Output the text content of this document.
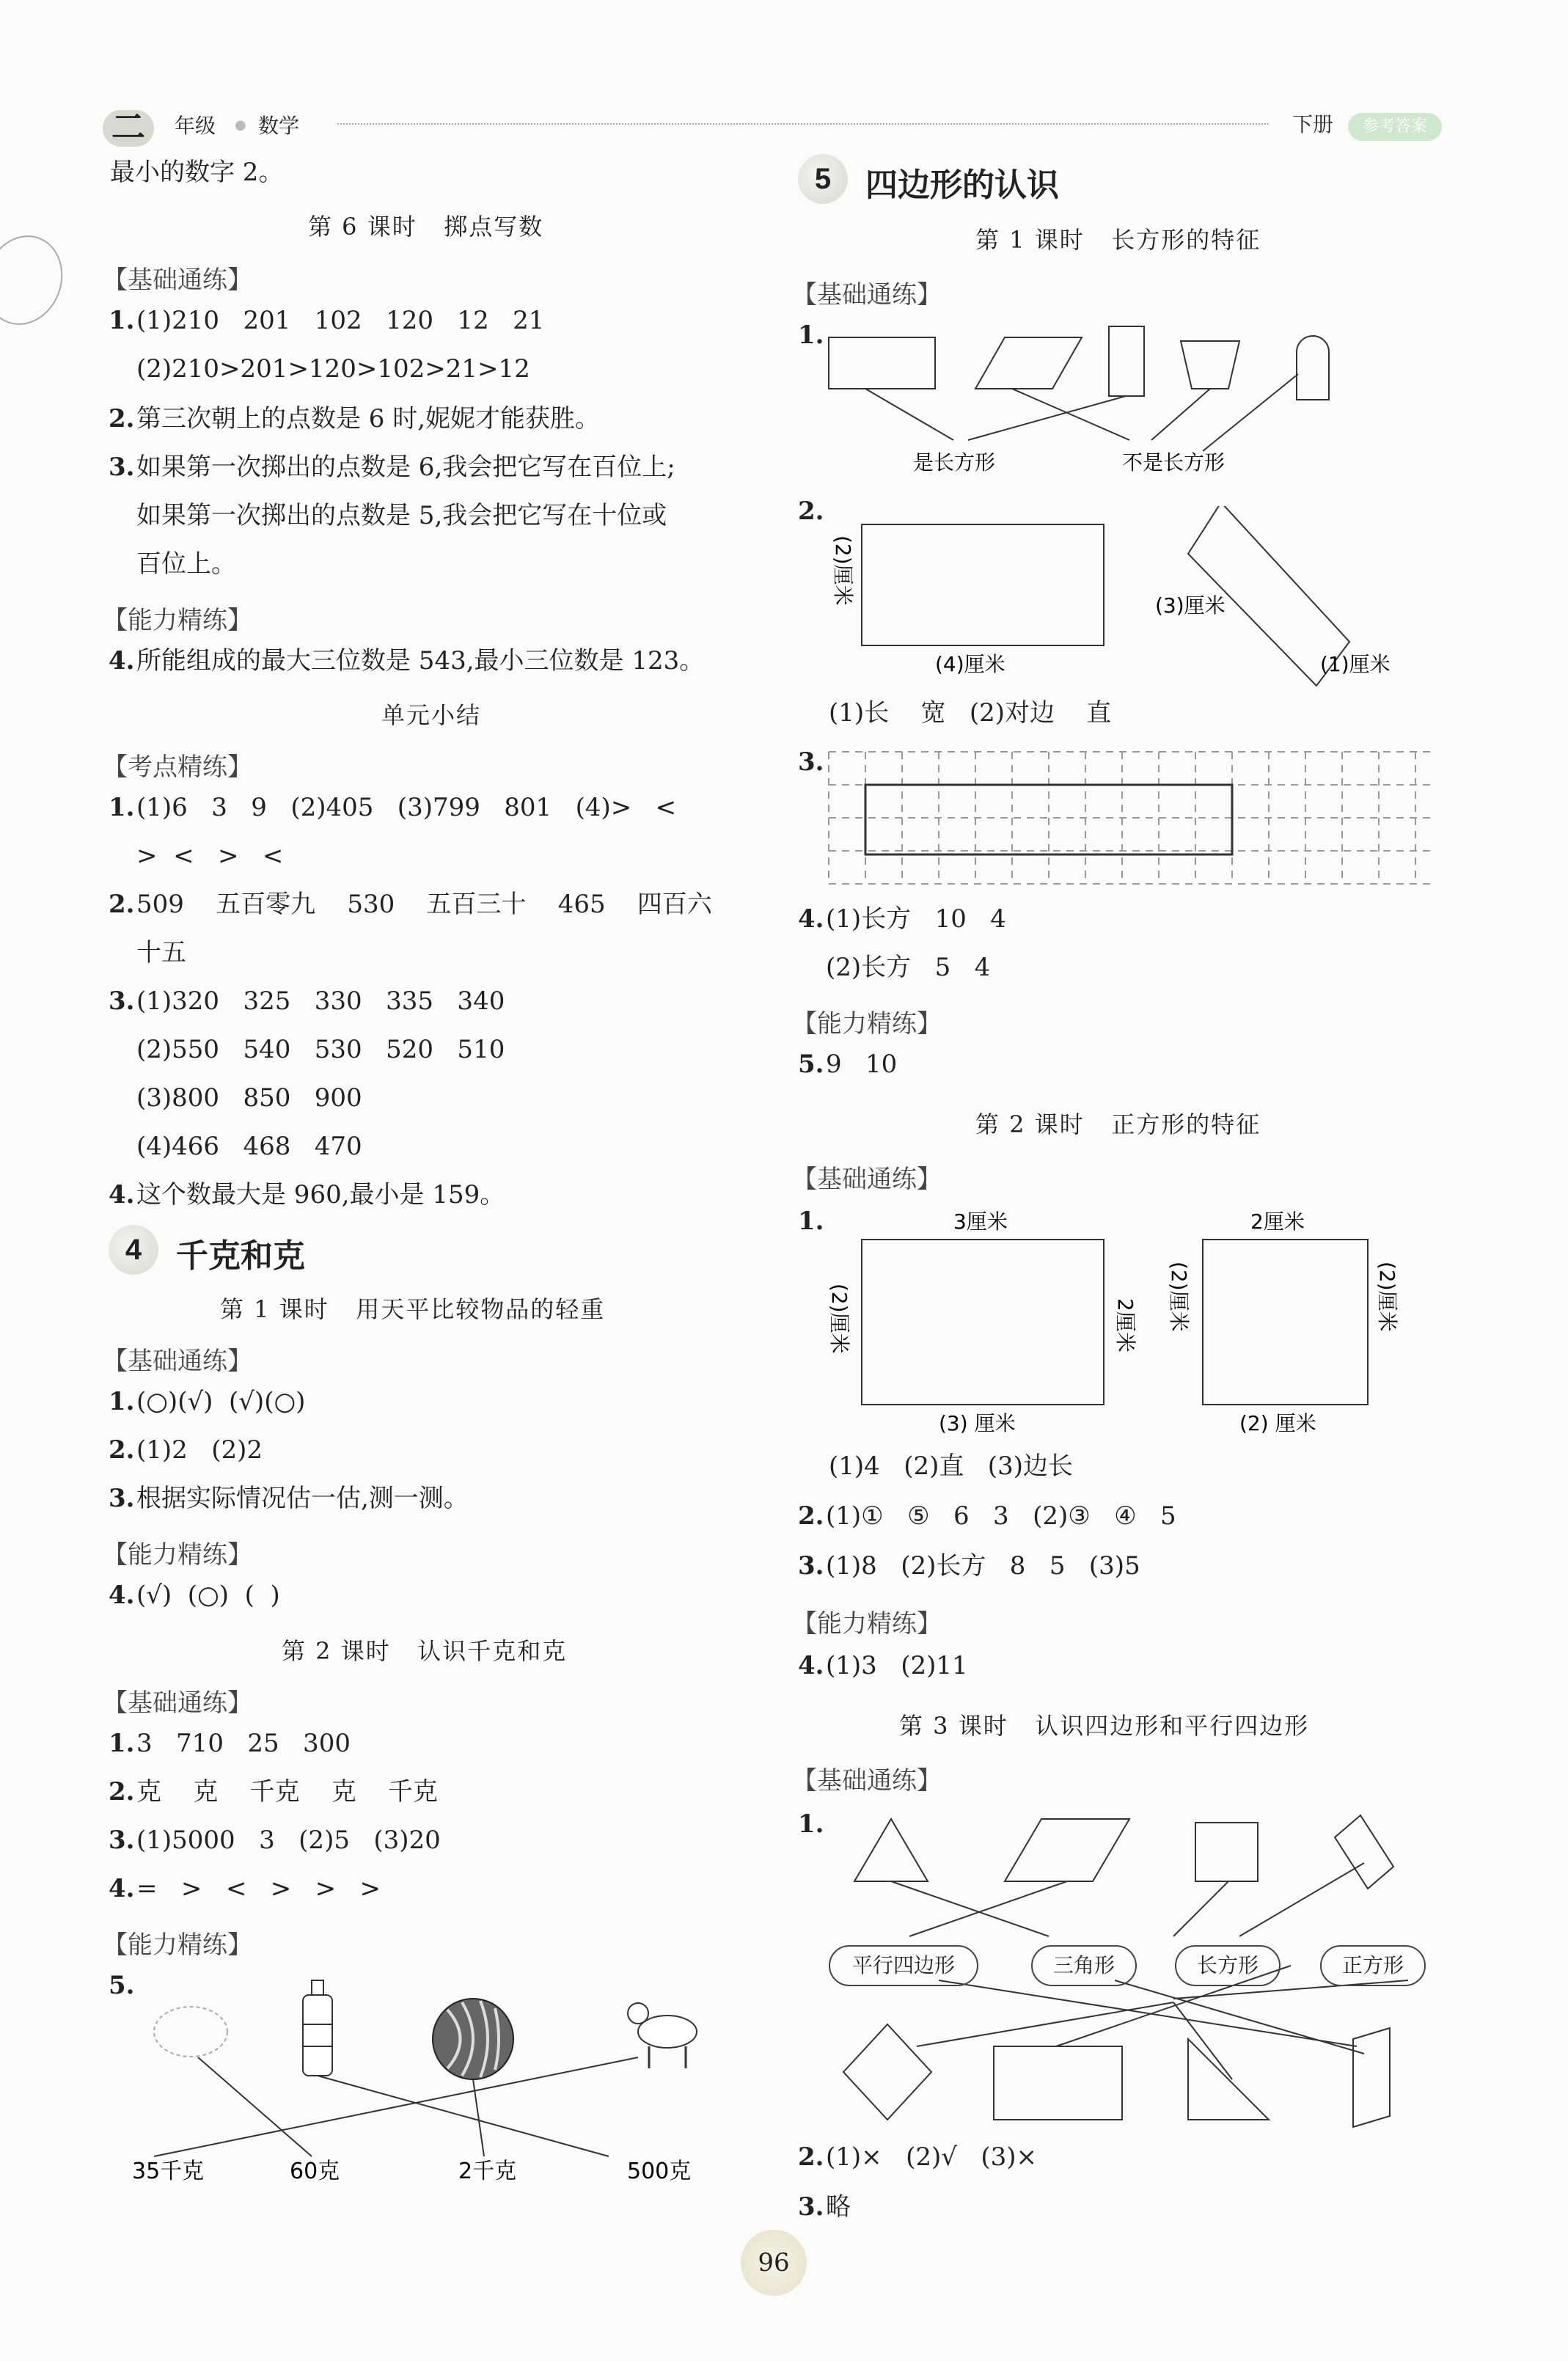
二 年级 ● 数学	下册	参考答案
最小的数字 2。
第 6 课时   掷点写数
【基础通练】
1. (1)210   201   102   120   12   21
(2)210>201>120>102>21>12
2. 第三次朝上的点数是 6 时,妮妮才能获胜。
3. 如果第一次掷出的点数是 6,我会把它写在百位上;
如果第一次掷出的点数是 5,我会把它写在十位或
百位上。
【能力精练】
4. 所能组成的最大三位数是 543,最小三位数是 123。
单元小结
【考点精练】
1. (1)6   3   9   (2)405   (3)799   801   (4)>   <
>  <   >   <
2. 509    五百零九    530    五百三十    465    四百六
十五
3. (1)320   325   330   335   340
(2)550   540   530   520   510
(3)800   850   900
(4)466   468   470
4. 这个数最大是 960,最小是 159。
4	千克和克
第 1 课时   用天平比较物品的轻重
【基础通练】
1. (○)(√)  (√)(○)
2. (1)2   (2)2
3. 根据实际情况估一估,测一测。
【能力精练】
4. (√)  (○)  (  )
第 2 课时   认识千克和克
【基础通练】
1. 3   710   25   300
2. 克    克    千克    克    千克
3. (1)5000   3   (2)5   (3)20
4. =   >   <   >   >   >
【能力精练】
5.
35千克	60克	2千克	500克
5	四边形的认识
第 1 课时   长方形的特征
【基础通练】
1.
是长方形	不是长方形
2.
(2)厘米
(4)厘米
(3)厘米
(1)厘米
(1)长    宽   (2)对边    直
3.
4. (1)长方   10   4
(2)长方   5   4
【能力精练】
5. 9   10
第 2 课时   正方形的特征
【基础通练】
1.	3厘米
(2)厘米	2厘米
(3) 厘米
2厘米
(2)厘米	(2)厘米
(2) 厘米
(1)4   (2)直   (3)边长
2. (1)①   ⑤   6   3   (2)③   ④   5
3. (1)8   (2)长方   8   5   (3)5
【能力精练】
4. (1)3   (2)11
第 3 课时   认识四边形和平行四边形
【基础通练】
1.
平行四边形	三角形	长方形	正方形
2. (1)×   (2)√   (3)×
3. 略
96
